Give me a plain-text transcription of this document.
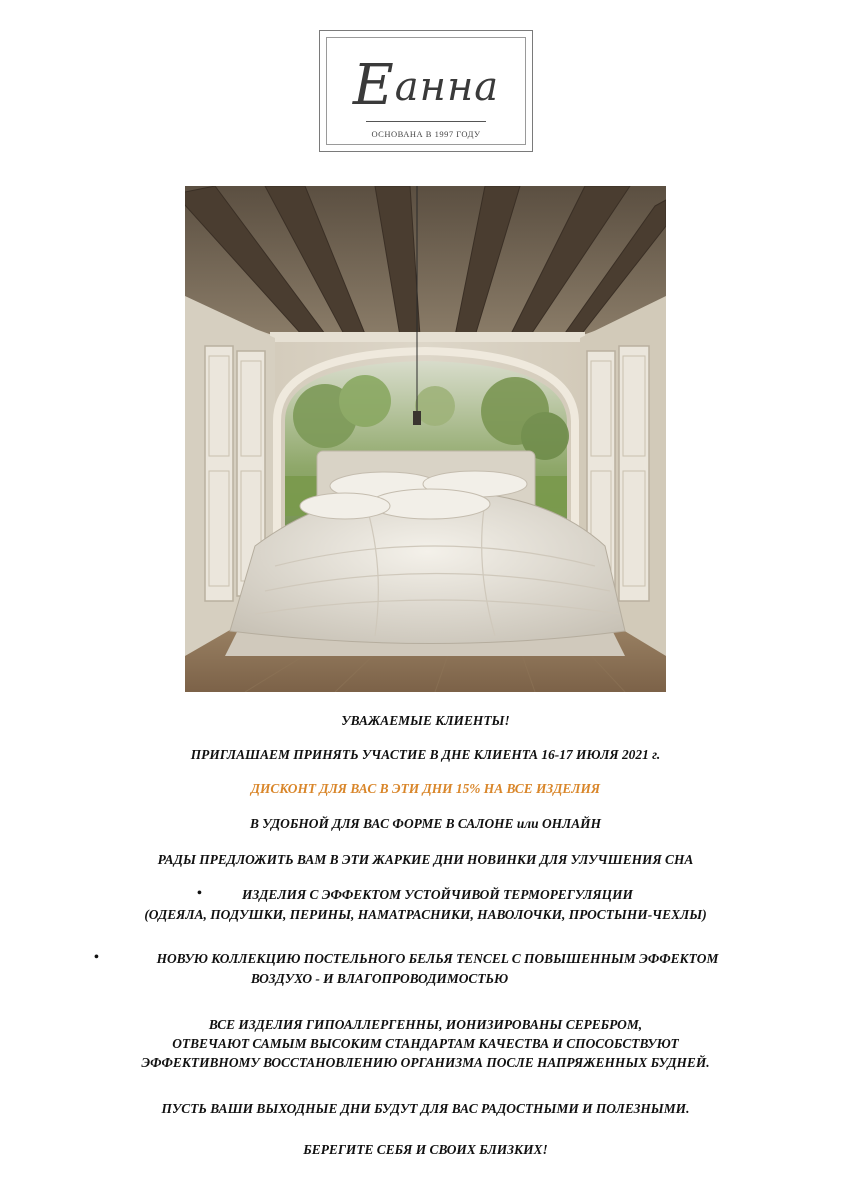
Еанна
ОСНОВАНА В 1997 ГОДУ
УВАЖАЕМЫЕ КЛИЕНТЫ!
ПРИГЛАШАЕМ ПРИНЯТЬ УЧАСТИЕ В ДНЕ КЛИЕНТА 16-17 ИЮЛЯ 2021 г.
ДИСКОНТ ДЛЯ ВАС В ЭТИ ДНИ 15% НА ВСЕ ИЗДЕЛИЯ
В УДОБНОЙ ДЛЯ ВАС ФОРМЕ В САЛОНЕ или ОНЛАЙН
РАДЫ ПРЕДЛОЖИТЬ ВАМ В ЭТИ ЖАРКИЕ ДНИ НОВИНКИ ДЛЯ УЛУЧШЕНИЯ СНА
•	ИЗДЕЛИЯ С ЭФФЕКТОМ УСТОЙЧИВОЙ ТЕРМОРЕГУЛЯЦИИ
(ОДЕЯЛА, ПОДУШКИ, ПЕРИНЫ, НАМАТРАСНИКИ, НАВОЛОЧКИ, ПРОСТЫНИ-ЧЕХЛЫ)
•	НОВУЮ КОЛЛЕКЦИЮ ПОСТЕЛЬНОГО БЕЛЬЯ TENCEL С ПОВЫШЕННЫМ ЭФФЕКТОМ
ВОЗДУХО - И ВЛАГОПРОВОДИМОСТЬЮ
ВСЕ ИЗДЕЛИЯ ГИПОАЛЛЕРГЕННЫ, ИОНИЗИРОВАНЫ СЕРЕБРОМ,
ОТВЕЧАЮТ САМЫМ ВЫСОКИМ СТАНДАРТАМ КАЧЕСТВА И СПОСОБСТВУЮТ
ЭФФЕКТИВНОМУ ВОССТАНОВЛЕНИЮ ОРГАНИЗМА ПОСЛЕ НАПРЯЖЕННЫХ БУДНЕЙ.
ПУСТЬ ВАШИ ВЫХОДНЫЕ ДНИ БУДУТ ДЛЯ ВАС РАДОСТНЫМИ И ПОЛЕЗНЫМИ.
БЕРЕГИТЕ СЕБЯ И СВОИХ БЛИЗКИХ!
